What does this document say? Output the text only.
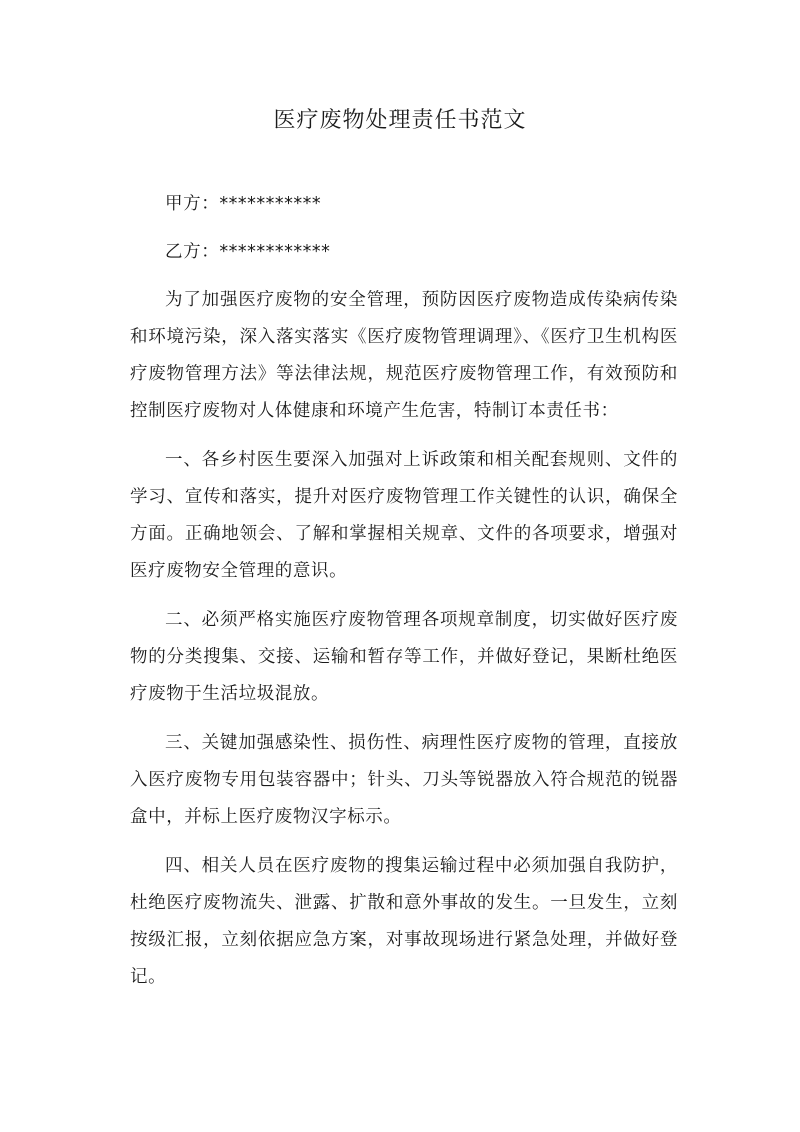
医疗废物处理责任书范文
甲方：***********
乙方：************

为了加强医疗废物的安全管理，预防因医疗废物造成传染病传染和环境污染，深入落实落实《医疗废物管理调理》、《医疗卫生机构医疗废物管理方法》等法律法规，规范医疗废物管理工作，有效预防和控制医疗废物对人体健康和环境产生危害，特制订本责任书：

一、各乡村医生要深入加强对上诉政策和相关配套规则、文件的学习、宣传和落实，提升对医疗废物管理工作关键性的认识，确保全方面。正确地领会、了解和掌握相关规章、文件的各项要求，增强对医疗废物安全管理的意识。

二、必须严格实施医疗废物管理各项规章制度，切实做好医疗废物的分类搜集、交接、运输和暂存等工作，并做好登记，果断杜绝医疗废物于生活垃圾混放。

三、关键加强感染性、损伤性、病理性医疗废物的管理，直接放入医疗废物专用包装容器中；针头、刀头等锐器放入符合规范的锐器盒中，并标上医疗废物汉字标示。

四、相关人员在医疗废物的搜集运输过程中必须加强自我防护，杜绝医疗废物流失、泄露、扩散和意外事故的发生。一旦发生，立刻按级汇报，立刻依据应急方案，对事故现场进行紧急处理，并做好登记。
